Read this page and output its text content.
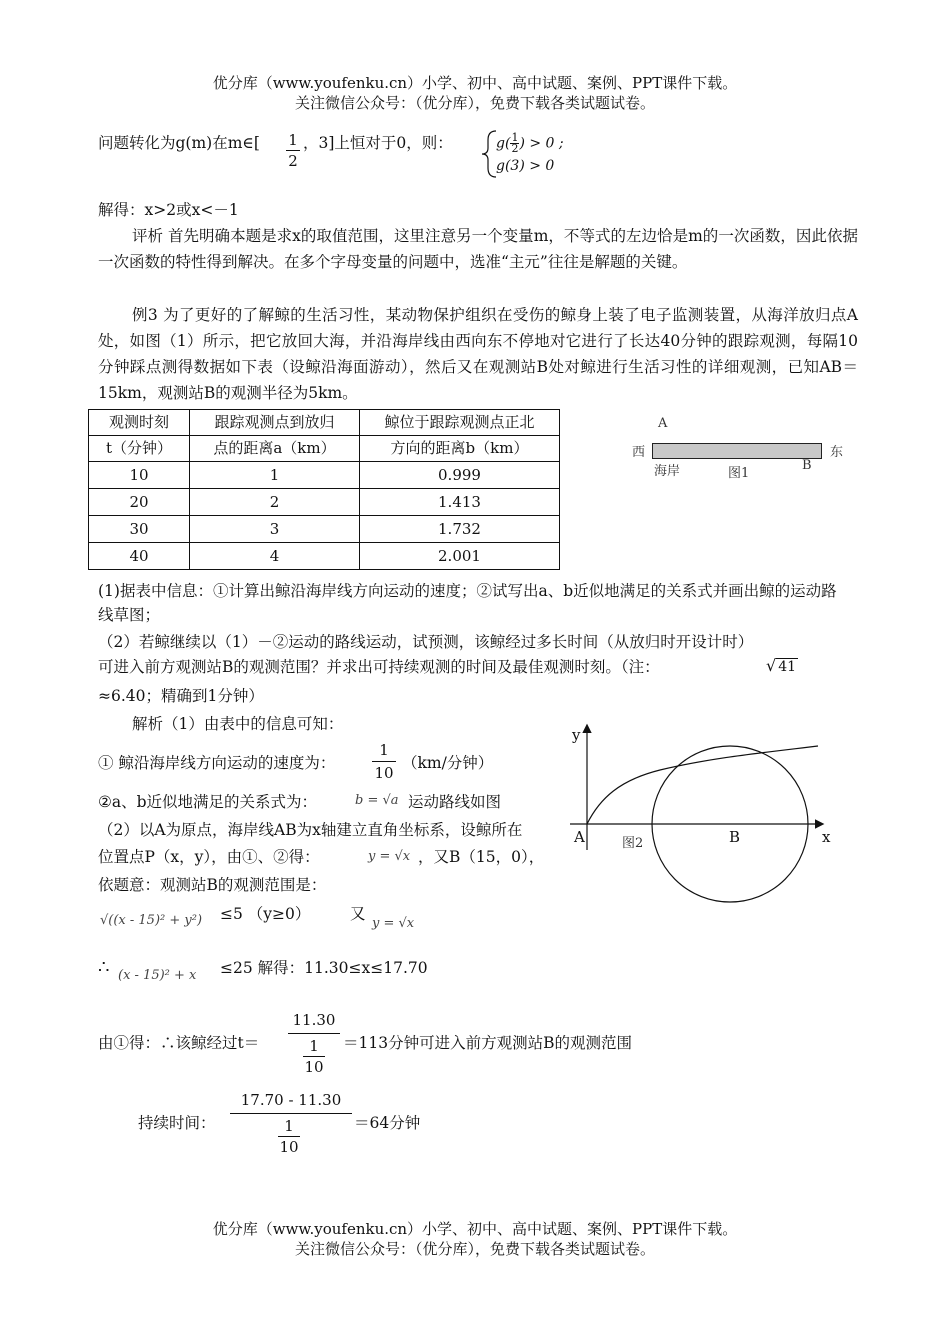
优分库（www.youfenku.cn）小学、初中、高中试题、案例、PPT课件下载。
关注微信公众号：（优分库），免费下载各类试题试卷。
问题转化为g(m)在m∈[ 1
2
，3]上恒对于0，则：	$g( \frac{1}{2}$ ) > 0 ;
g(3) > 0
解得：x>2或x<－1
评析 首先明确本题是求x的取值范围，这里注意另一个变量m，不等式的左边恰是m的一次函数，因此依据一次函数的特性得到解决。在多个字母变量的问题中，选准“主元”往往是解题的关键。
例3 为了更好的了解鲸的生活习性，某动物保护组织在受伤的鲸身上装了电子监测装置，从海洋放归点A处，如图（1）所示，把它放回大海，并沿海岸线由西向东不停地对它进行了长达40分钟的跟踪观测，每隔10分钟踩点测得数据如下表（设鲸沿海面游动），然后又在观测站B处对鲸进行生活习性的详细观测，已知AB＝15km，观测站B的观测半径为5km。
观测时刻	跟踪观测点到放归	鲸位于跟踪观测点正北

t（分钟）	点的距离a（km）	方向的距离b（km）
10	1	0.999
20	2	1.413
30	3	1.732
40	4	2.001
A
西	东
海岸	图1
B
(1)据表中信息：①计算出鲸沿海岸线方向运动的速度；②试写出a、b近似地满足的关系式并画出鲸的运动路线草图；
（2）若鲸继续以（1）－②运动的路线运动，试预测，该鲸经过多长时间（从放归时开设计时）
可进入前方观测站B的观测范围？并求出可持续观测的时间及最佳观测时刻。（注：	√ 41
≈6.40；精确到1分钟）
解析（1）由表中的信息可知：
① 鲸沿海岸线方向运动的速度为：
1
10
（km/分钟）
②a、b近似地满足的关系式为：	b = √a 运动路线如图
（2）以A为原点，海岸线AB为x轴建立直角坐标系，设鲸所在
位置点P（x，y），由①、②得：	y = √x ，又B（15，0），
依题意：观测站B的观测范围是：
√((x - 15)² + y²) ≤5 （y≥0）	又
y = √x
∴ (x - 15)² + x ≤25 解得：11.30≤x≤17.70
由①得：∴该鲸经过t＝
11.30
$\frac{1}{10} =113$分钟可进入前方观测站B的观测范围
持续时间：
17.70 - 11.30
1
10
＝64分钟
y
x
A	B
图2
优分库（www.youfenku.cn）小学、初中、高中试题、案例、PPT课件下载。
关注微信公众号：（优分库），免费下载各类试题试卷。
